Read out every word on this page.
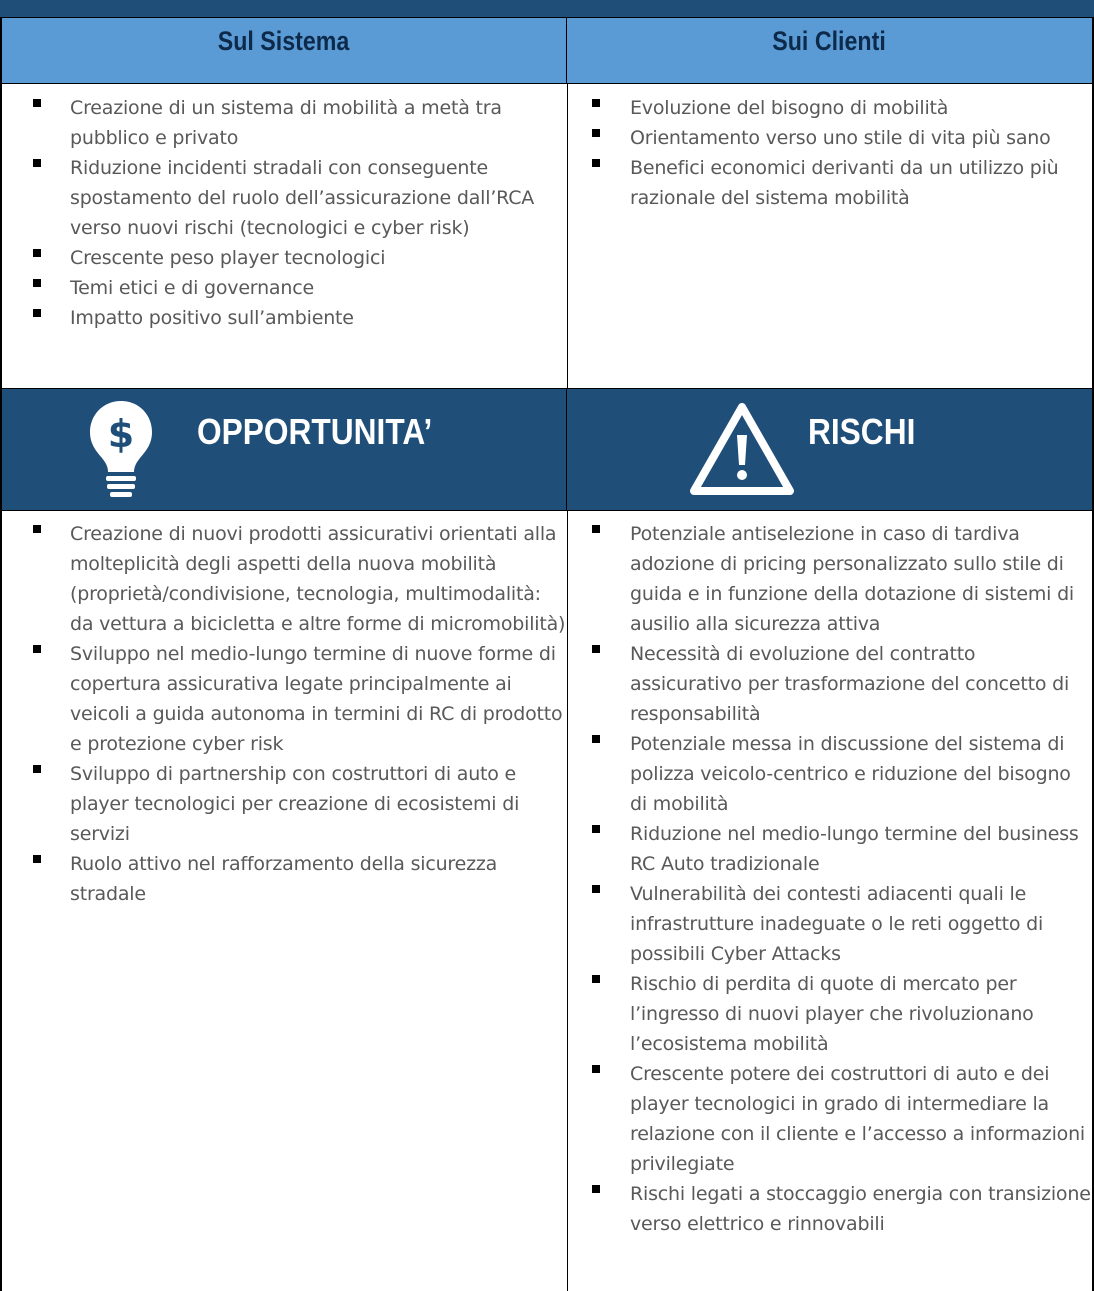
Sul Sistema	Sui Clienti
Creazione di un sistema di mobilità a metà tra pubblico e privato
Riduzione incidenti stradali con conseguente spostamento del ruolo dell’assicurazione dall’RCA verso nuovi rischi (tecnologici e cyber risk)
Crescente peso player tecnologici
Temi etici e di governance
Impatto positivo sull’ambiente
Evoluzione del bisogno di mobilità
Orientamento verso uno stile di vita più sano
Benefici economici derivanti da un utilizzo più razionale del sistema mobilità
$ OPPORTUNITA’	RISCHI
Creazione di nuovi prodotti assicurativi orientati alla molteplicità degli aspetti della nuova mobilità (proprietà/condivisione, tecnologia, multimodalità: da vettura a bicicletta e altre forme di micromobilità)
Sviluppo nel medio-lungo termine di nuove forme di copertura assicurativa legate principalmente ai veicoli a guida autonoma in termini di RC di prodotto e protezione cyber risk
Sviluppo di partnership con costruttori di auto e player tecnologici per creazione di ecosistemi di servizi
Ruolo attivo nel rafforzamento della sicurezza stradale
Potenziale antiselezione in caso di tardiva adozione di pricing personalizzato sullo stile di guida e in funzione della dotazione di sistemi di ausilio alla sicurezza attiva
Necessità di evoluzione del contratto assicurativo per trasformazione del concetto di responsabilità
Potenziale messa in discussione del sistema di polizza veicolo-centrico e riduzione del bisogno di mobilità
Riduzione nel medio-lungo termine del business RC Auto tradizionale
Vulnerabilità dei contesti adiacenti quali le infrastrutture inadeguate o le reti oggetto di possibili Cyber Attacks
Rischio di perdita di quote di mercato per l’ingresso di nuovi player che rivoluzionano l’ecosistema mobilità
Crescente potere dei costruttori di auto e dei player tecnologici in grado di intermediare la relazione con il cliente e l’accesso a informazioni privilegiate
Rischi legati a stoccaggio energia con transizione verso elettrico e rinnovabili
